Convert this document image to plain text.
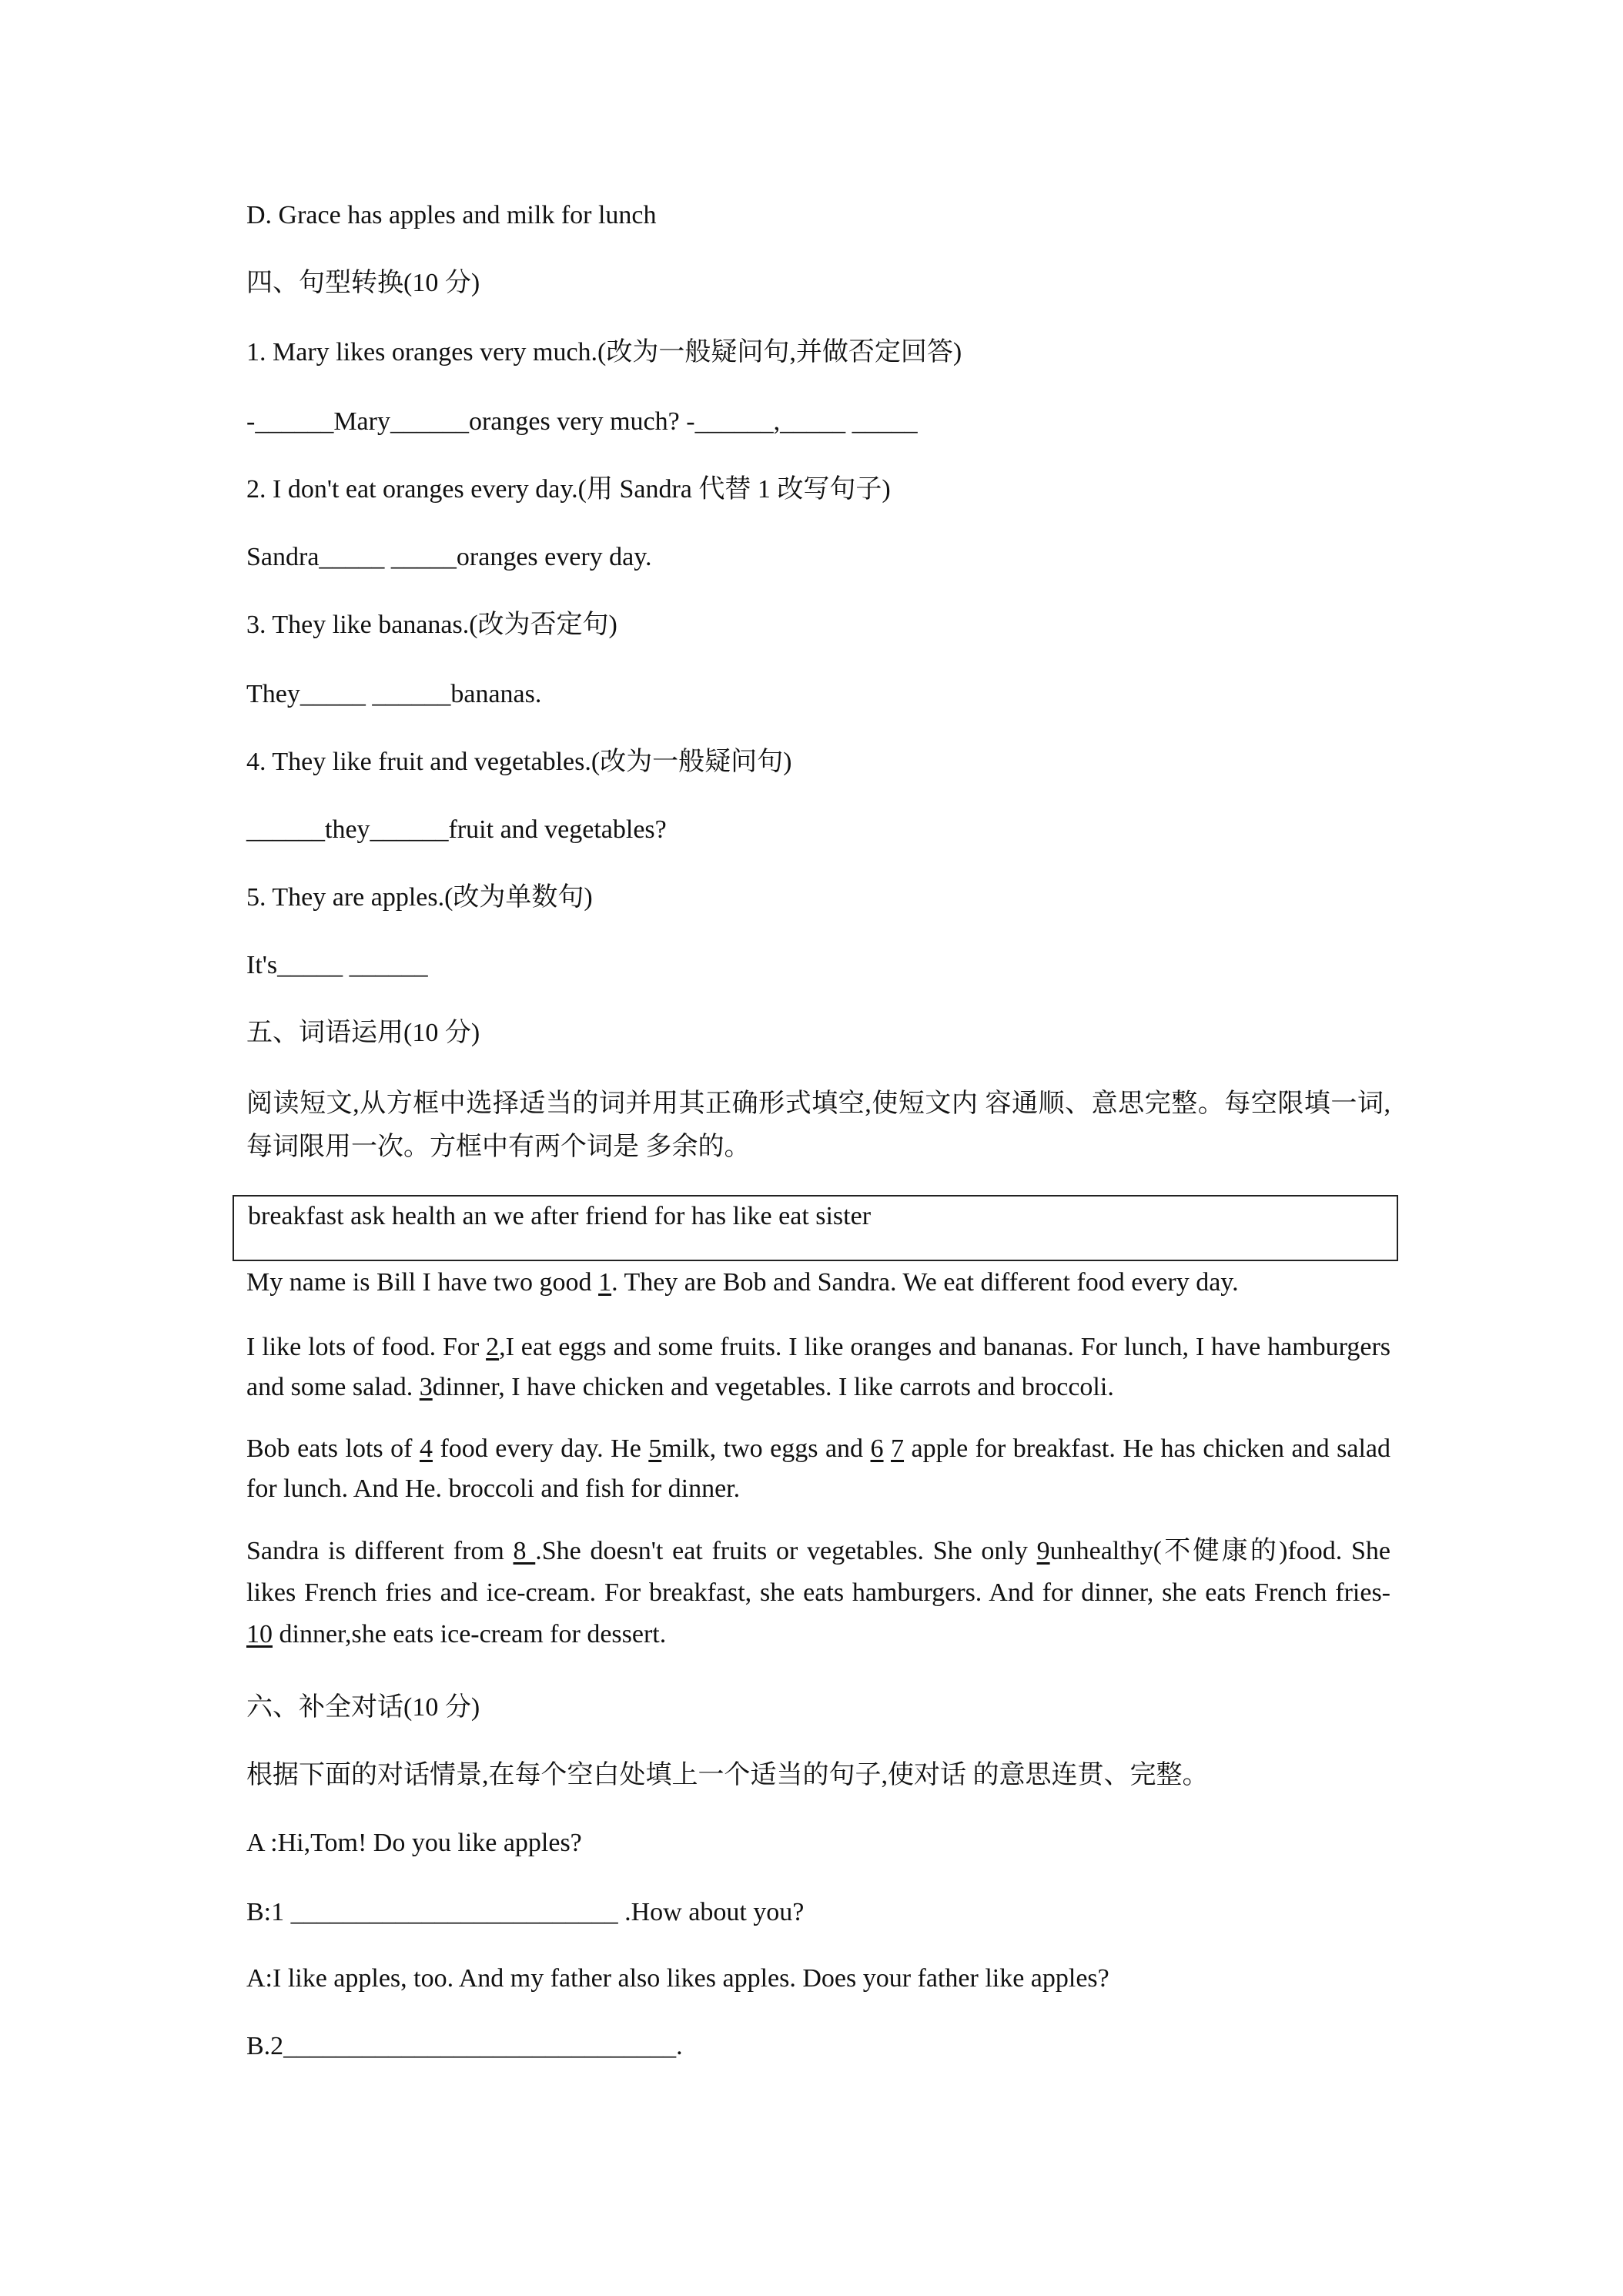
D. Grace has apples and milk for lunch
四、句型转换(10 分)
1. Mary likes oranges very much.(改为一般疑问句,并做否定回答)
-______Mary______oranges very much? -______,_____ _____
2. I don't eat oranges every day.(用 Sandra 代替 1 改写句子)
Sandra_____ _____oranges every day.
3. They like bananas.(改为否定句)
They_____ ______bananas.
4. They like fruit and vegetables.(改为一般疑问句)
______they______fruit and vegetables?
5. They are apples.(改为单数句)
It's_____ ______
五、词语运用(10 分)
阅读短文,从方框中选择适当的词并用其正确形式填空,使短文内 容通顺、意思完整。每空限填一词,每词限用一次。方框中有两个词是 多余的。
breakfast ask health an we after friend for has like eat sister
My name is Bill I have two good 1. They are Bob and Sandra. We eat different food every day.
I like lots of food. For 2,I eat eggs and some fruits. I like oranges and bananas. For lunch, I have hamburgers and some salad. 3dinner, I have chicken and vegetables. I like carrots and broccoli.
Bob eats lots of 4 food every day. He 5milk, two eggs and 6 7 apple for breakfast. He has chicken and salad for lunch. And He. broccoli and fish for dinner.
Sandra is different from 8 .She doesn't eat fruits or vegetables. She only 9unhealthy(不健康的)food. She likes French fries and ice-cream. For breakfast, she eats hamburgers. And for dinner, she eats French fries- 10 dinner,she eats ice-cream for dessert.
六、补全对话(10 分)
根据下面的对话情景,在每个空白处填上一个适当的句子,使对话 的意思连贯、完整。
A :Hi,Tom! Do you like apples?
B:1 _________________________ .How about you?
A:I like apples, too. And my father also likes apples. Does your father like apples?
B.2______________________________.
